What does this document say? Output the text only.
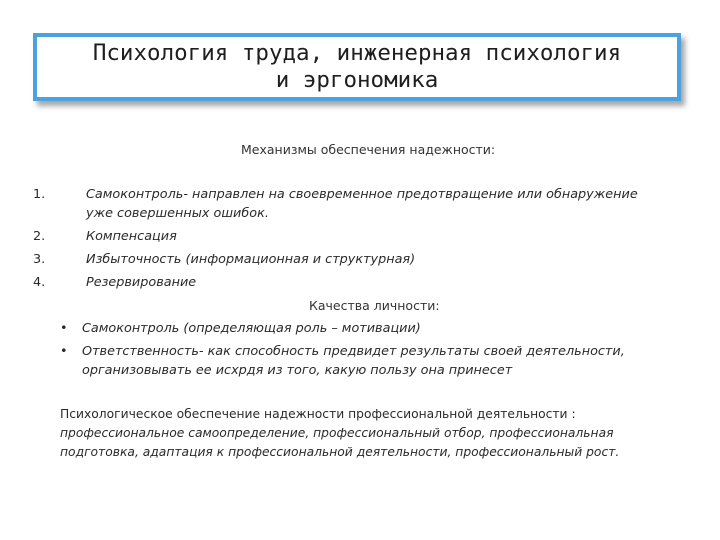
Психология труда, инженерная психология
и эргономика
Механизмы обеспечения надежности:
1.	Самоконтроль- направлен на своевременное предотвращение или обнаружение
уже совершенных ошибок.
2.	Компенсация
3.	Избыточность (информационная и структурная)
4.	Резервирование
Качества личности:
• Самоконтроль (определяющая роль – мотивации)
• Ответственность- как способность предвидет результаты своей деятельности,
организовывать ее исхрдя из того, какую пользу она принесет
Психологическое обеспечение надежности профессиональной деятельности :
профессиональное самоопределение, профессиональный отбор, профессиональная
подготовка, адаптация к профессиональной деятельности, профессиональный рост.
